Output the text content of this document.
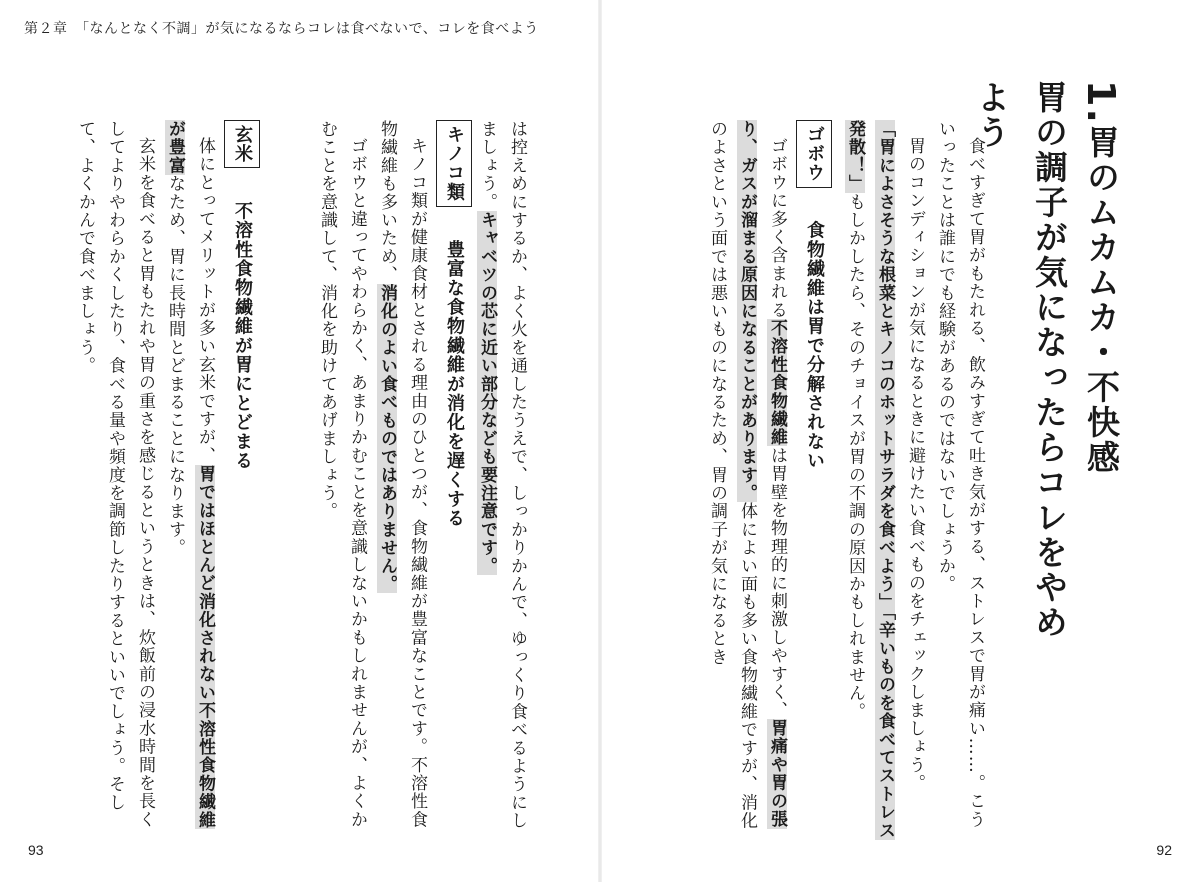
第２章　「なんとなく不調」が気になるならコレは食べないで、コレを食べよう
93	92

1.胃のムカムカ・不快感

胃の調子が気になったらコレをやめよう

食べすぎて胃がもたれる、飲みすぎて吐き気がする、ストレスで胃が痛い……。こういったことは誰にでも経験があるのではないでしょうか。

胃のコンディションが気になるときに避けたい食べものをチェックしましょう。

「胃によさそうな根菜とキノコのホットサラダを食べよう」「辛いものを食べてストレス発散！」もしかしたら、そのチョイスが胃の不調の原因かもしれません。

ゴボウ　食物繊維は胃で分解されない

ゴボウに多く含まれる不溶性食物繊維は胃壁を物理的に刺激しやすく、胃痛や胃の張り、ガスが溜まる原因になることがあります。体によい面も多い食物繊維ですが、消化のよさという面では悪いものになるため、胃の調子が気になるとき

は控えめにするか、よく火を通したうえで、しっかりかんで、ゆっくり食べるようにしましょう。キャベツの芯に近い部分なども要注意です。

キノコ類　豊富な食物繊維が消化を遅くする

キノコ類が健康食材とされる理由のひとつが、食物繊維が豊富なことです。不溶性食物繊維も多いため、消化のよい食べものではありません。

ゴボウと違ってやわらかく、あまりかむことを意識しないかもしれませんが、よくかむことを意識して、消化を助けてあげましょう。

玄米　不溶性食物繊維が胃にとどまる

体にとってメリットが多い玄米ですが、胃ではほとんど消化されない不溶性食物繊維が豊富なため、胃に長時間とどまることになります。

玄米を食べると胃もたれや胃の重さを感じるというときは、炊飯前の浸水時間を長くしてよりやわらかくしたり、食べる量や頻度を調節したりするといいでしょう。そして、よくかんで食べましょう。
